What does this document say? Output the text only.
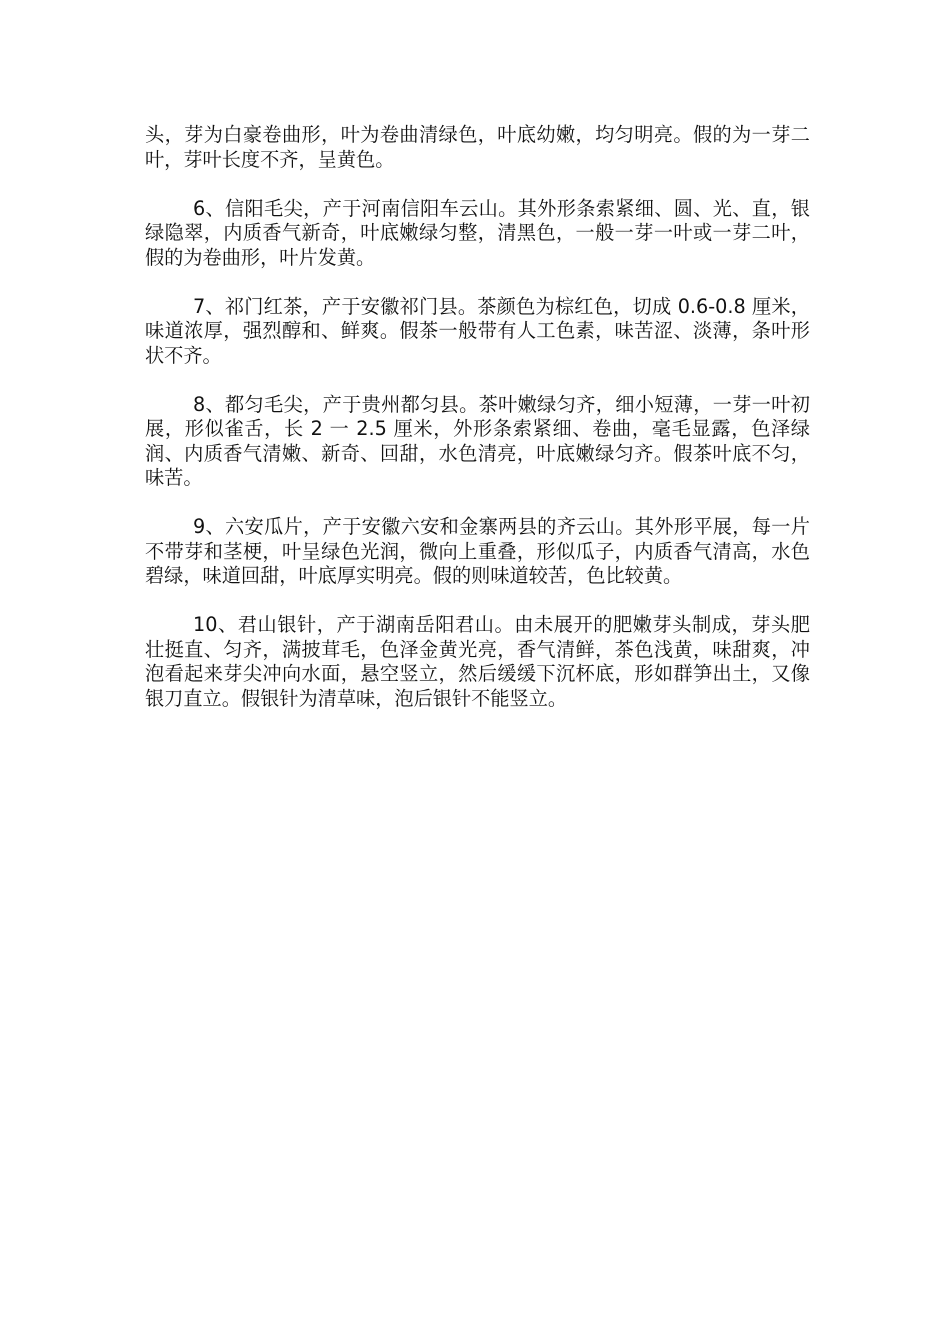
头，芽为白豪卷曲形，叶为卷曲清绿色，叶底幼嫩，均匀明亮。假的为一芽二叶，芽叶长度不齐，呈黄色。

6、信阳毛尖，产于河南信阳车云山。其外形条索紧细、圆、光、直，银绿隐翠，内质香气新奇，叶底嫩绿匀整，清黑色，一般一芽一叶或一芽二叶，假的为卷曲形，叶片发黄。

7、祁门红茶，产于安徽祁门县。茶颜色为棕红色，切成 0.6-0.8 厘米，味道浓厚，强烈醇和、鲜爽。假茶一般带有人工色素，味苦涩、淡薄，条叶形状不齐。

8、都匀毛尖，产于贵州都匀县。茶叶嫩绿匀齐，细小短薄，一芽一叶初展，形似雀舌，长 2 一 2.5 厘米，外形条索紧细、卷曲，毫毛显露，色泽绿润、内质香气清嫩、新奇、回甜，水色清亮，叶底嫩绿匀齐。假茶叶底不匀，味苦。

9、六安瓜片，产于安徽六安和金寨两县的齐云山。其外形平展，每一片不带芽和茎梗，叶呈绿色光润，微向上重叠，形似瓜子，内质香气清高，水色碧绿，味道回甜，叶底厚实明亮。假的则味道较苦，色比较黄。

10、君山银针，产于湖南岳阳君山。由未展开的肥嫩芽头制成，芽头肥壮挺直、匀齐，满披茸毛，色泽金黄光亮，香气清鲜，茶色浅黄，味甜爽，冲泡看起来芽尖冲向水面，悬空竖立，然后缓缓下沉杯底，形如群笋出土，又像银刀直立。假银针为清草味，泡后银针不能竖立。
